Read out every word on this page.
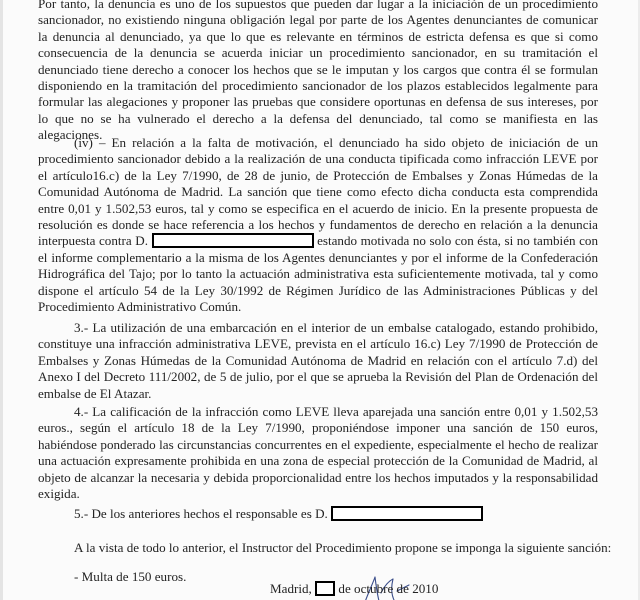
Por tanto, la denuncia es uno de los supuestos que pueden dar lugar a la iniciación de un procedimiento sancionador, no existiendo ninguna obligación legal por parte de los Agentes denunciantes de comunicar la denuncia al denunciado, ya que lo que es relevante en términos de estricta defensa es que si como consecuencia de la denuncia se acuerda iniciar un procedimiento sancionador, en su tramitación el denunciado tiene derecho a conocer los hechos que se le imputan y los cargos que contra él se formulan disponiendo en la tramitación del procedimiento sancionador de los plazos establecidos legalmente para formular las alegaciones y proponer las pruebas que considere oportunas en defensa de sus intereses, por lo que no se ha vulnerado el derecho a la defensa del denunciado, tal como se manifiesta en las alegaciones.

(iv) – En relación a la falta de motivación, el denunciado ha sido objeto de iniciación de un procedimiento sancionador debido a la realización de una conducta tipificada como infracción LEVE por el artículo16.c) de la Ley 7/1990, de 28 de junio, de Protección de Embalses y Zonas Húmedas de la Comunidad Autónoma de Madrid. La sanción que tiene como efecto dicha conducta esta comprendida entre 0,01 y 1.502,53 euros, tal y como se especifica en el acuerdo de inicio. En la presente propuesta de resolución es donde se hace referencia a los hechos y fundamentos de derecho en relación a la denuncia interpuesta contra D.	estando motivada no solo con ésta, si no también con el informe complementario a la misma de los Agentes denunciantes y por el informe de la Confederación Hidrográfica del Tajo; por lo tanto la actuación administrativa esta suficientemente motivada, tal y como dispone el artículo 54 de la Ley 30/1992 de Régimen Jurídico de las Administraciones Públicas y del Procedimiento Administrativo Común.

3.- La utilización de una embarcación en el interior de un embalse catalogado, estando prohibido, constituye una infracción administrativa LEVE, prevista en el artículo 16.c) Ley 7/1990 de Protección de Embalses y Zonas Húmedas de la Comunidad Autónoma de Madrid en relación con el artículo 7.d) del Anexo I del Decreto 111/2002, de 5 de julio, por el que se aprueba la Revisión del Plan de Ordenación del embalse de El Atazar.

4.- La calificación de la infracción como LEVE lleva aparejada una sanción entre 0,01 y 1.502,53 euros., según el artículo 18 de la Ley 7/1990, proponiéndose imponer una sanción de 150 euros, habiéndose ponderado las circunstancias concurrentes en el expediente, especialmente el hecho de realizar una actuación expresamente prohibida en una zona de especial protección de la Comunidad de Madrid, al objeto de alcanzar la necesaria y debida proporcionalidad entre los hechos imputados y la responsabilidad exigida.

5.- De los anteriores hechos el responsable es D.

A la vista de todo lo anterior, el Instructor del Procedimiento propone se imponga la siguiente sanción:

- Multa de 150 euros.

Madrid, de octubre de 2010
